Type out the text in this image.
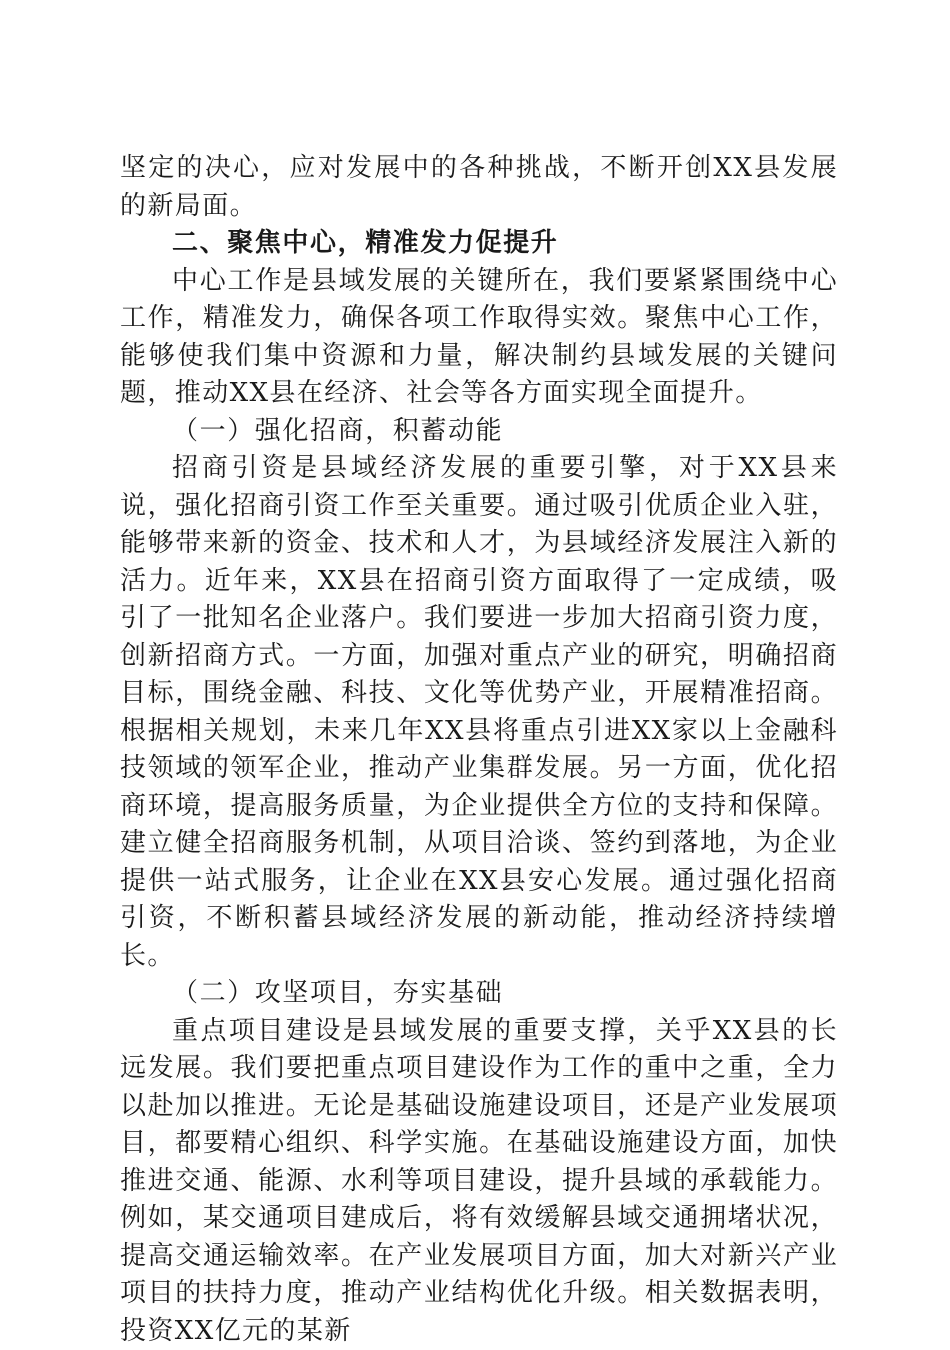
坚定的决心，应对发展中的各种挑战，不断开创XX县发展的新局面。

二、聚焦中心，精准发力促提升

中心工作是县域发展的关键所在，我们要紧紧围绕中心工作，精准发力，确保各项工作取得实效。聚焦中心工作，能够使我们集中资源和力量，解决制约县域发展的关键问题，推动XX县在经济、社会等各方面实现全面提升。

（一）强化招商，积蓄动能

招商引资是县域经济发展的重要引擎，对于XX县来说，强化招商引资工作至关重要。通过吸引优质企业入驻，能够带来新的资金、技术和人才，为县域经济发展注入新的活力。近年来，XX县在招商引资方面取得了一定成绩，吸引了一批知名企业落户。我们要进一步加大招商引资力度，创新招商方式。一方面，加强对重点产业的研究，明确招商目标，围绕金融、科技、文化等优势产业，开展精准招商。根据相关规划，未来几年XX县将重点引进XX家以上金融科技领域的领军企业，推动产业集群发展。另一方面，优化招商环境，提高服务质量，为企业提供全方位的支持和保障。建立健全招商服务机制，从项目洽谈、签约到落地，为企业提供一站式服务，让企业在XX县安心发展。通过强化招商引资，不断积蓄县域经济发展的新动能，推动经济持续增长。

（二）攻坚项目，夯实基础

重点项目建设是县域发展的重要支撑，关乎XX县的长远发展。我们要把重点项目建设作为工作的重中之重，全力以赴加以推进。无论是基础设施建设项目，还是产业发展项目，都要精心组织、科学实施。在基础设施建设方面，加快推进交通、能源、水利等项目建设，提升县域的承载能力。例如，某交通项目建成后，将有效缓解县域交通拥堵状况，提高交通运输效率。在产业发展项目方面，加大对新兴产业项目的扶持力度，推动产业结构优化升级。相关数据表明，投资XX亿元的某新
